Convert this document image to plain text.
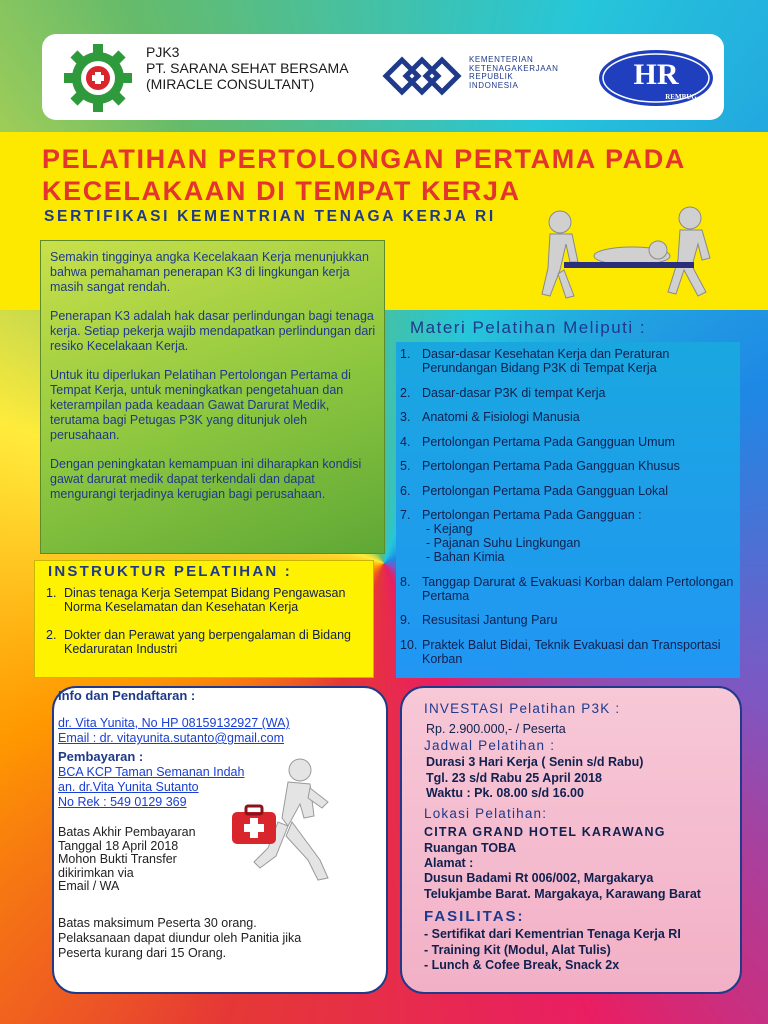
PJK3
PT. SARANA SEHAT BERSAMA
(MIRACLE CONSULTANT)
KEMENTERIAN
KETENAGAKERJAAN
REPUBLIK
INDONESIA	HR
REMBUG
PELATIHAN PERTOLONGAN PERTAMA PADA
KECELAKAAN DI TEMPAT KERJA
SERTIFIKASI KEMENTRIAN TENAGA KERJA RI

Semakin tingginya angka Kecelakaan Kerja menunjukkan bahwa pemahaman penerapan K3 di lingkungan kerja masih sangat rendah.

Penerapan K3 adalah hak dasar perlindungan bagi tenaga kerja. Setiap pekerja wajib mendapatkan perlindungan dari resiko Kecelakaan Kerja.

Untuk itu diperlukan Pelatihan Pertolongan Pertama di Tempat Kerja, untuk meningkatkan pengetahuan dan keterampilan pada keadaan Gawat Darurat Medik, terutama bagi Petugas P3K yang ditunjuk oleh perusahaan.

Dengan peningkatan kemampuan ini diharapkan kondisi gawat darurat medik dapat terkendali dan dapat mengurangi terjadinya kerugian bagi perusahaan.

Materi Pelatihan Meliputi :
1. Dasar-dasar Kesehatan Kerja dan Peraturan Perundangan Bidang P3K di Tempat Kerja
2. Dasar-dasar P3K di tempat Kerja
3. Anatomi & Fisiologi Manusia
4. Pertolongan Pertama Pada Gangguan Umum
5. Pertolongan Pertama Pada Gangguan Khusus
6. Pertolongan Pertama Pada Gangguan Lokal
7. Pertolongan Pertama Pada Gangguan :
- Kejang
- Pajanan Suhu Lingkungan
- Bahan Kimia
8. Tanggap Darurat & Evakuasi Korban dalam Pertolongan Pertama
9. Resusitasi Jantung Paru
10. Praktek Balut Bidai, Teknik Evakuasi dan Transportasi Korban
INSTRUKTUR PELATIHAN :
1. Dinas tenaga Kerja Setempat Bidang Pengawasan Norma Keselamatan dan Kesehatan Kerja
2. Dokter dan Perawat yang berpengalaman di Bidang Kedaruratan Industri
Info dan Pendaftaran :
dr. Vita Yunita, No HP 08159132927 (WA)
Email : dr. vitayunita.sutanto@gmail.com
Pembayaran :
BCA KCP Taman Semanan Indah
an. dr.Vita Yunita Sutanto
No Rek : 549 0129 369
Batas Akhir Pembayaran
Tanggal 18 April 2018
Mohon Bukti Transfer
dikirimkan via
Email / WA
Batas maksimum Peserta 30 orang.
Pelaksanaan dapat diundur oleh Panitia jika
Peserta kurang dari 15 Orang.
INVESTASI Pelatihan P3K :
Rp. 2.900.000,- / Peserta
Jadwal Pelatihan :
Durasi 3 Hari Kerja ( Senin s/d Rabu)
Tgl. 23 s/d Rabu 25 April 2018
Waktu : Pk. 08.00 s/d 16.00
Lokasi Pelatihan:
CITRA GRAND HOTEL KARAWANG
Ruangan TOBA
Alamat :
Dusun Badami Rt 006/002, Margakarya
Telukjambe Barat. Margakaya, Karawang Barat
FASILITAS:
- Sertifikat dari Kementrian Tenaga Kerja RI
- Training Kit (Modul, Alat Tulis)
- Lunch & Cofee Break, Snack 2x
